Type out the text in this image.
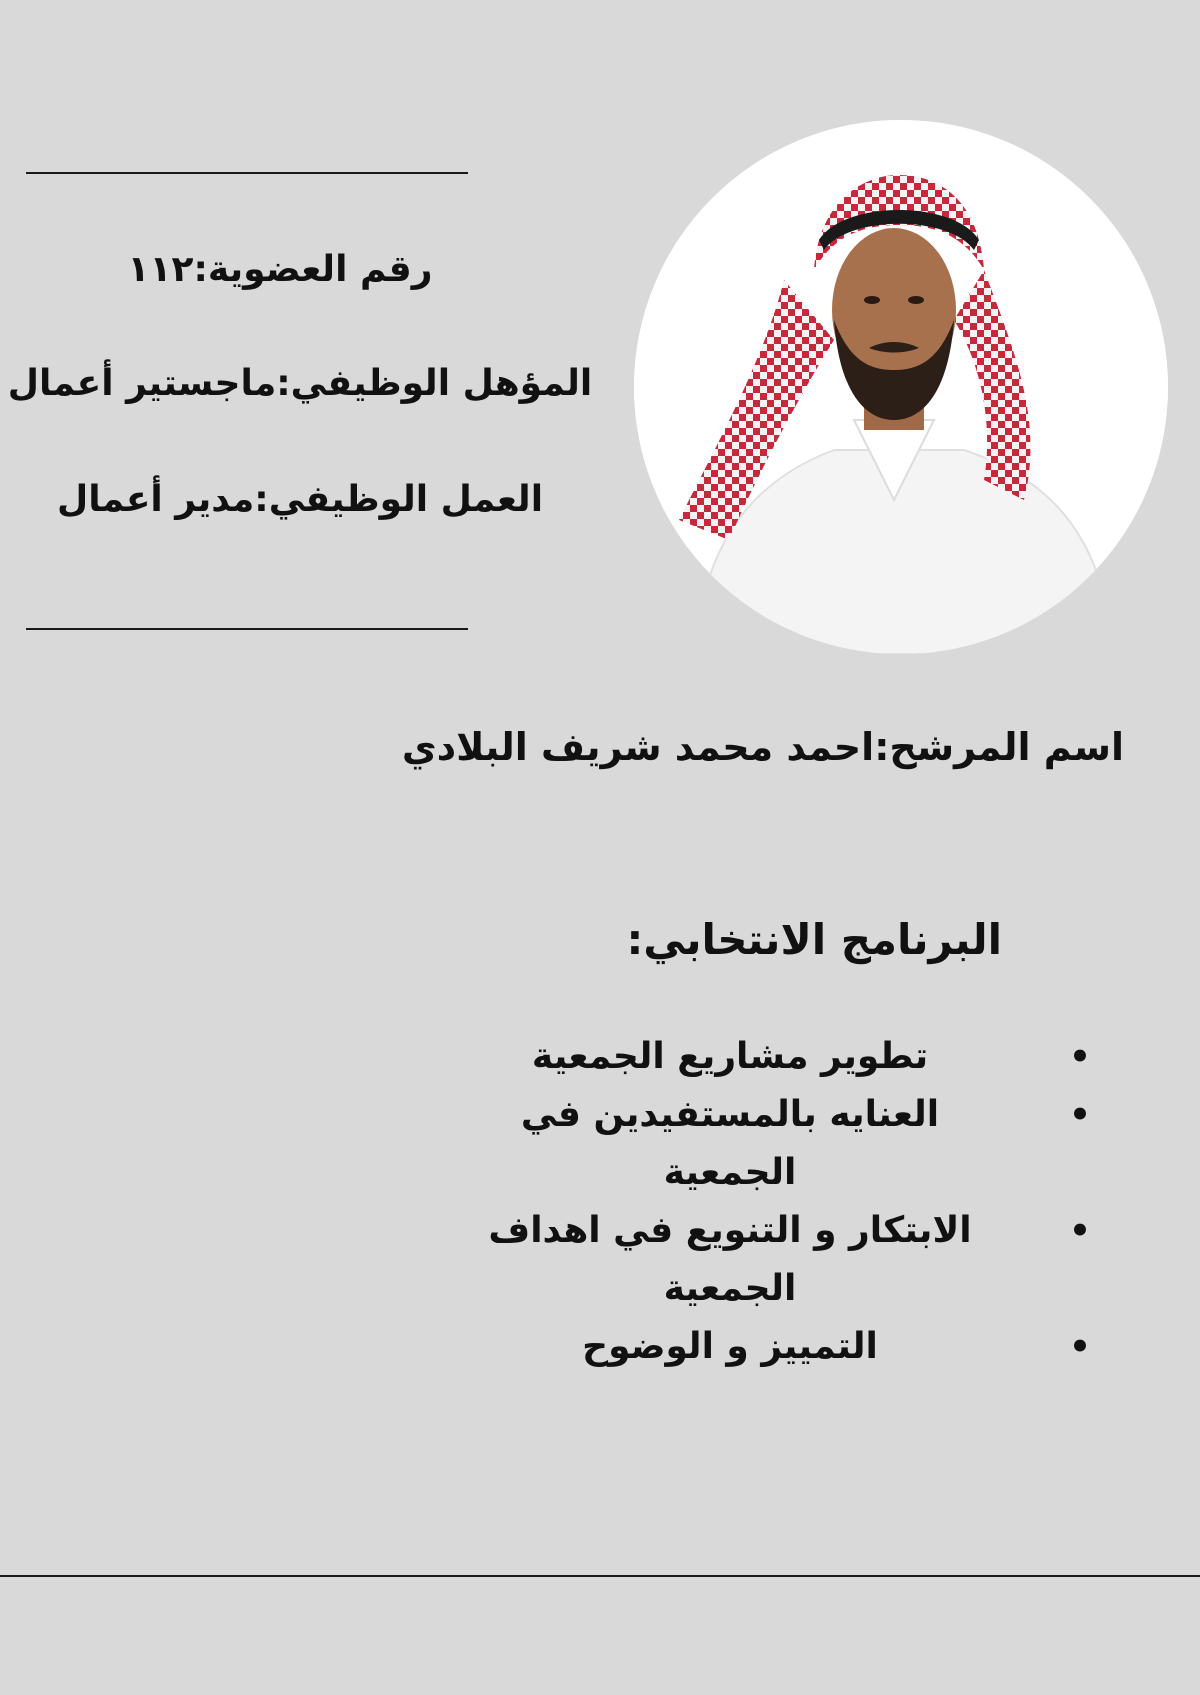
رقم العضوية:١١٢
المؤهل الوظيفي:ماجستير أعمال
العمل الوظيفي:مدير أعمال
اسم المرشح:احمد محمد شريف البلادي
البرنامج الانتخابي:
•
تطوير مشاريع الجمعية
•
العنايه بالمستفيدين في الجمعية
•
الابتكار و التنويع في اهداف الجمعية
•
التمييز و الوضوح
